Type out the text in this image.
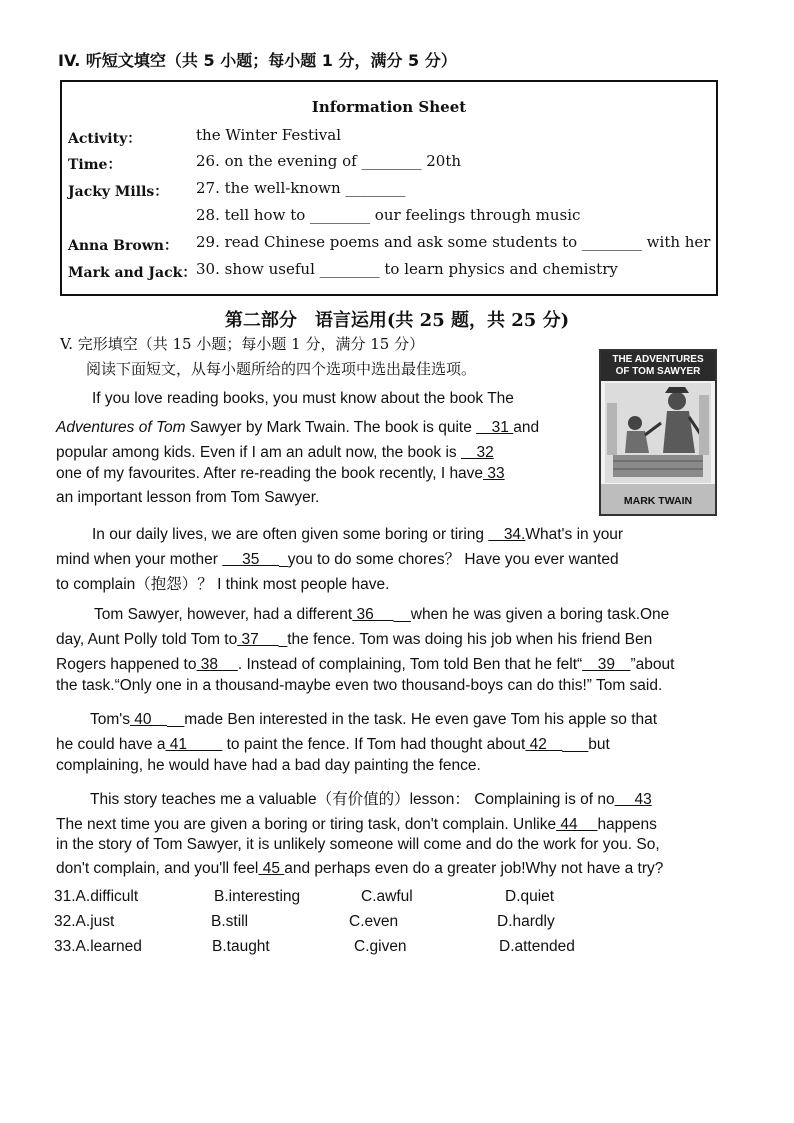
IV. 听短文填空（共 5 小题；每小题 1 分，满分 5 分）
Information Sheet
Activity：	the Winter Festival
Time：	26. on the evening of ________ 20th
Jacky Mills： 27. the well-known ________
28. tell how to ________ our feelings through music
Anna Brown： 29. read Chinese poems and ask some students to ________ with her
Mark and Jack： 30. show useful ________ to learn physics and chemistry
第二部分　语言运用(共 25 题，共 25 分)
V. 完形填空（共 15 小题；每小题 1 分，满分 15 分）
阅读下面短文，从每小题所给的四个选项中选出最佳选项。
THE ADVENTURES
OF TOM SAWYER
MARK TWAIN
If you love reading books, you must know about the book The
Adventures of Tom Sawyer by Mark Twain. The book is quite 　31 and
popular among kids. Even if I am an adult now, the book is 　32
one of my favourites. After re-reading the book recently, I have 33
an important lesson from Tom Sawyer.
In our daily lives, we are often given some boring or tiring 　34.What's in your
mind when your mother 　 35 　_you to do some chores？ Have you ever wanted
to complain（抱怨）？ I think most people have.
Tom Sawyer, however, had a different 36 　__when he was given a boring task.One
day, Aunt Polly told Tom to 37 　_the fence. Tom was doing his job when his friend Ben
Rogers happened to 38 　. Instead of complaining, Tom told Ben that he felt“　39　”about
the task.“Only one in a thousand-maybe even two thousand-boys can do this!” Tom said.
Tom's 40　__made Ben interested in the task. He even gave Tom his apple so that
he could have a 41 　　 to paint the fence. If Tom had thought about 42　___but
complaining, he would have had a bad day painting the fence.
This story teaches me a valuable（有价值的）lesson： Complaining is of no　 43
The next time you are given a boring or tiring task, don't complain. Unlike 44 　happens
in the story of Tom Sawyer, it is unlikely someone will come and do the work for you. So,
don't complain, and you'll feel 45 and perhaps even do a greater job!Why not have a try?
31.A.difficult	B.interesting	C.awful	D.quiet
32.A.just	B.still	C.even	D.hardly
33.A.learned	B.taught	C.given	D.attended
